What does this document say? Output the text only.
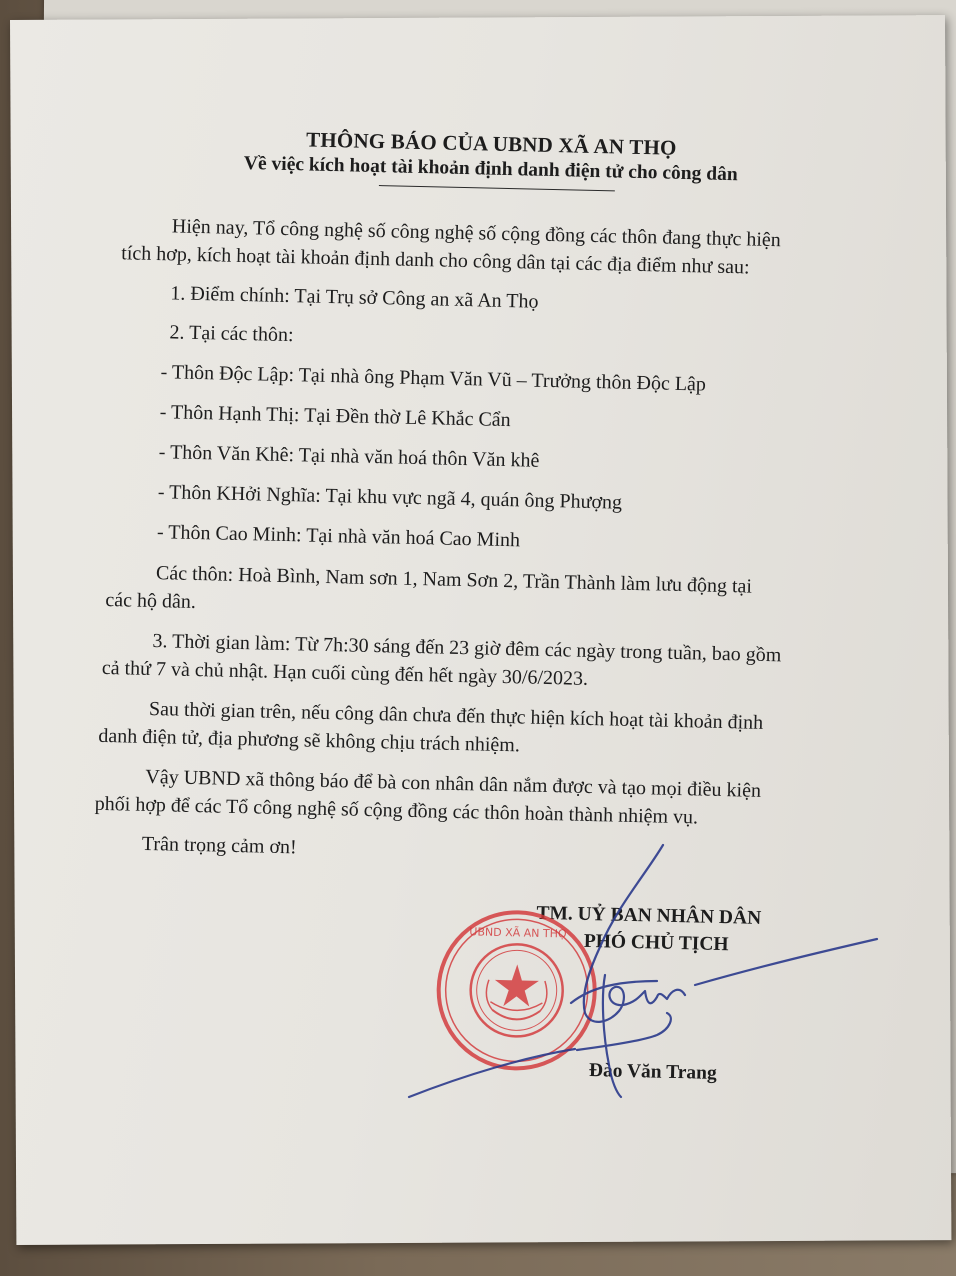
THÔNG BÁO CỦA UBND XÃ AN THỌ
Về việc kích hoạt tài khoản định danh điện tử cho công dân
Hiện nay, Tổ công nghệ số công nghệ số cộng đồng các thôn đang thực hiện
tích hơp, kích hoạt tài khoản định danh cho công dân tại các địa điểm như sau:
1. Điểm chính: Tại Trụ sở Công an xã An Thọ
2. Tại các thôn:
- Thôn Độc Lập: Tại nhà ông Phạm Văn Vũ – Trưởng thôn Độc Lập
- Thôn Hạnh Thị: Tại Đền thờ Lê Khắc Cẩn
- Thôn Văn Khê: Tại nhà văn hoá thôn Văn khê
- Thôn KHởi Nghĩa: Tại khu vực ngã 4, quán ông Phượng
- Thôn Cao Minh: Tại nhà văn hoá Cao Minh
Các thôn: Hoà Bình, Nam sơn 1, Nam Sơn 2, Trần Thành làm lưu động tại
các hộ dân.
3. Thời gian làm: Từ 7h:30 sáng đến 23 giờ đêm các ngày trong tuần, bao gồm
cả thứ 7 và chủ nhật. Hạn cuối cùng đến hết ngày 30/6/2023.
Sau thời gian trên, nếu công dân chưa đến thực hiện kích hoạt tài khoản định
danh điện tử, địa phương sẽ không chịu trách nhiệm.
Vậy UBND xã thông báo để bà con nhân dân nắm được và tạo mọi điều kiện
phối hợp để các Tổ công nghệ số cộng đồng các thôn hoàn thành nhiệm vụ.
Trân trọng cảm ơn!
TM. UỶ BAN NHÂN DÂN
PHÓ CHỦ TỊCH
UBND XÃ AN THỌ
Đào Văn Trang
